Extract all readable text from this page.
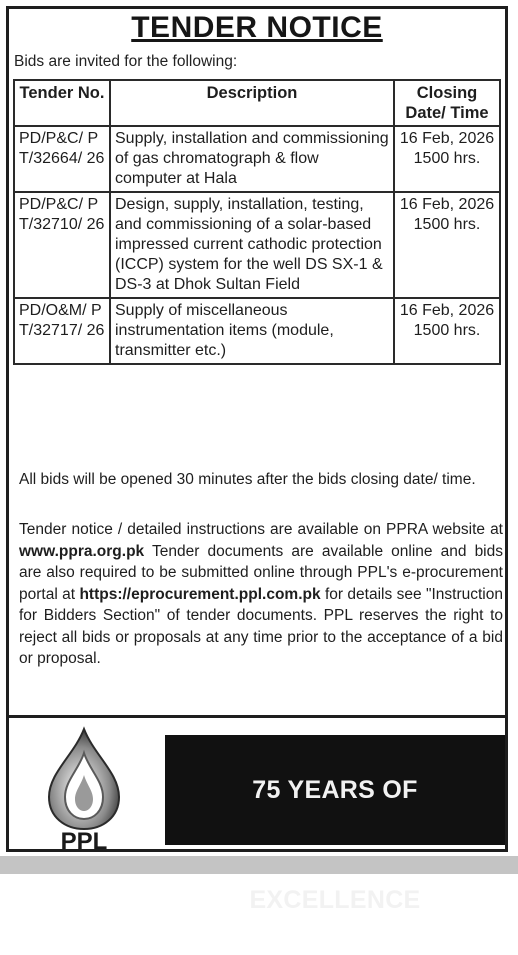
TENDER NOTICE
Bids are invited for the following:
Tender No.	Description	Closing Date/ Time
PD/P&C/ PT/32664/ 26	Supply, installation and commissioning of gas chromatograph & flow computer at Hala	16 Feb, 2026
1500 hrs.

PD/P&C/ PT/32710/ 26	Design, supply, installation, testing, and commissioning of a solar-based impressed current cathodic protection (ICCP) system for the well DS SX-1 & DS-3 at Dhok Sultan Field	16 Feb, 2026
1500 hrs.

PD/O&M/ PT/32717/ 26	Supply of miscellaneous instrumentation items (module, transmitter etc.)	16 Feb, 2026
1500 hrs.
All bids will be opened 30 minutes after the bids closing date/ time.
Tender notice / detailed instructions are available on PPRA website at www.ppra.org.pk Tender documents are available online and bids are also required to be submitted online through PPL's e-procurement portal at https://eprocurement.ppl.com.pk for details see "Instruction for Bidders Section" of tender documents. PPL reserves the right to reject all bids or proposals at any time prior to the acceptance of a bid or proposal.
PPL
75 YEARS OF EXCELLENCE
